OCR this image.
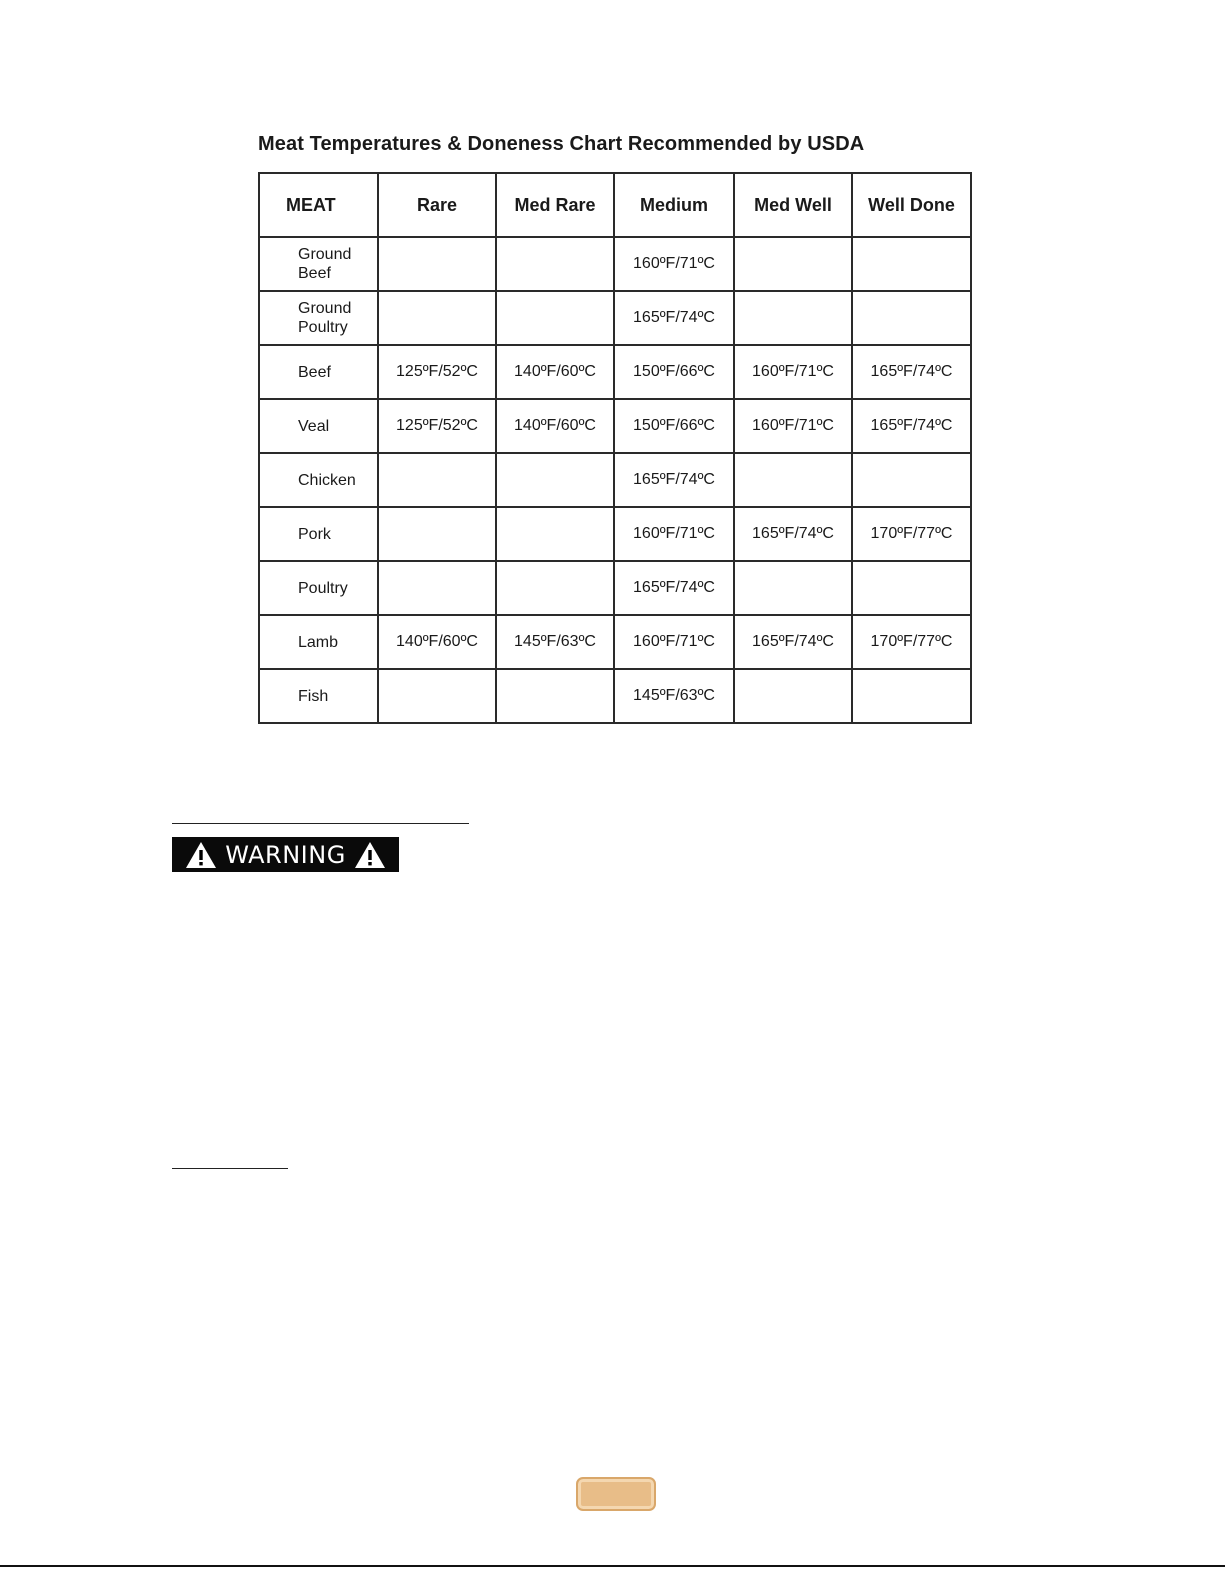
Meat Temperatures & Doneness Chart Recommended by USDA
MEAT	Rare	Med Rare	Medium	Med Well	Well Done

Ground Beef			160ºF/71ºC		

Ground Poultry			165ºF/74ºC		
Beef	125ºF/52ºC	140ºF/60ºC	150ºF/66ºC	160ºF/71ºC	165ºF/74ºC
Veal	125ºF/52ºC	140ºF/60ºC	150ºF/66ºC	160ºF/71ºC	165ºF/74ºC
Chicken			165ºF/74ºC		
Pork			160ºF/71ºC	165ºF/74ºC	170ºF/77ºC
Poultry			165ºF/74ºC		
Lamb	140ºF/60ºC	145ºF/63ºC	160ºF/71ºC	165ºF/74ºC	170ºF/77ºC
Fish			145ºF/63ºC		
WARNING
